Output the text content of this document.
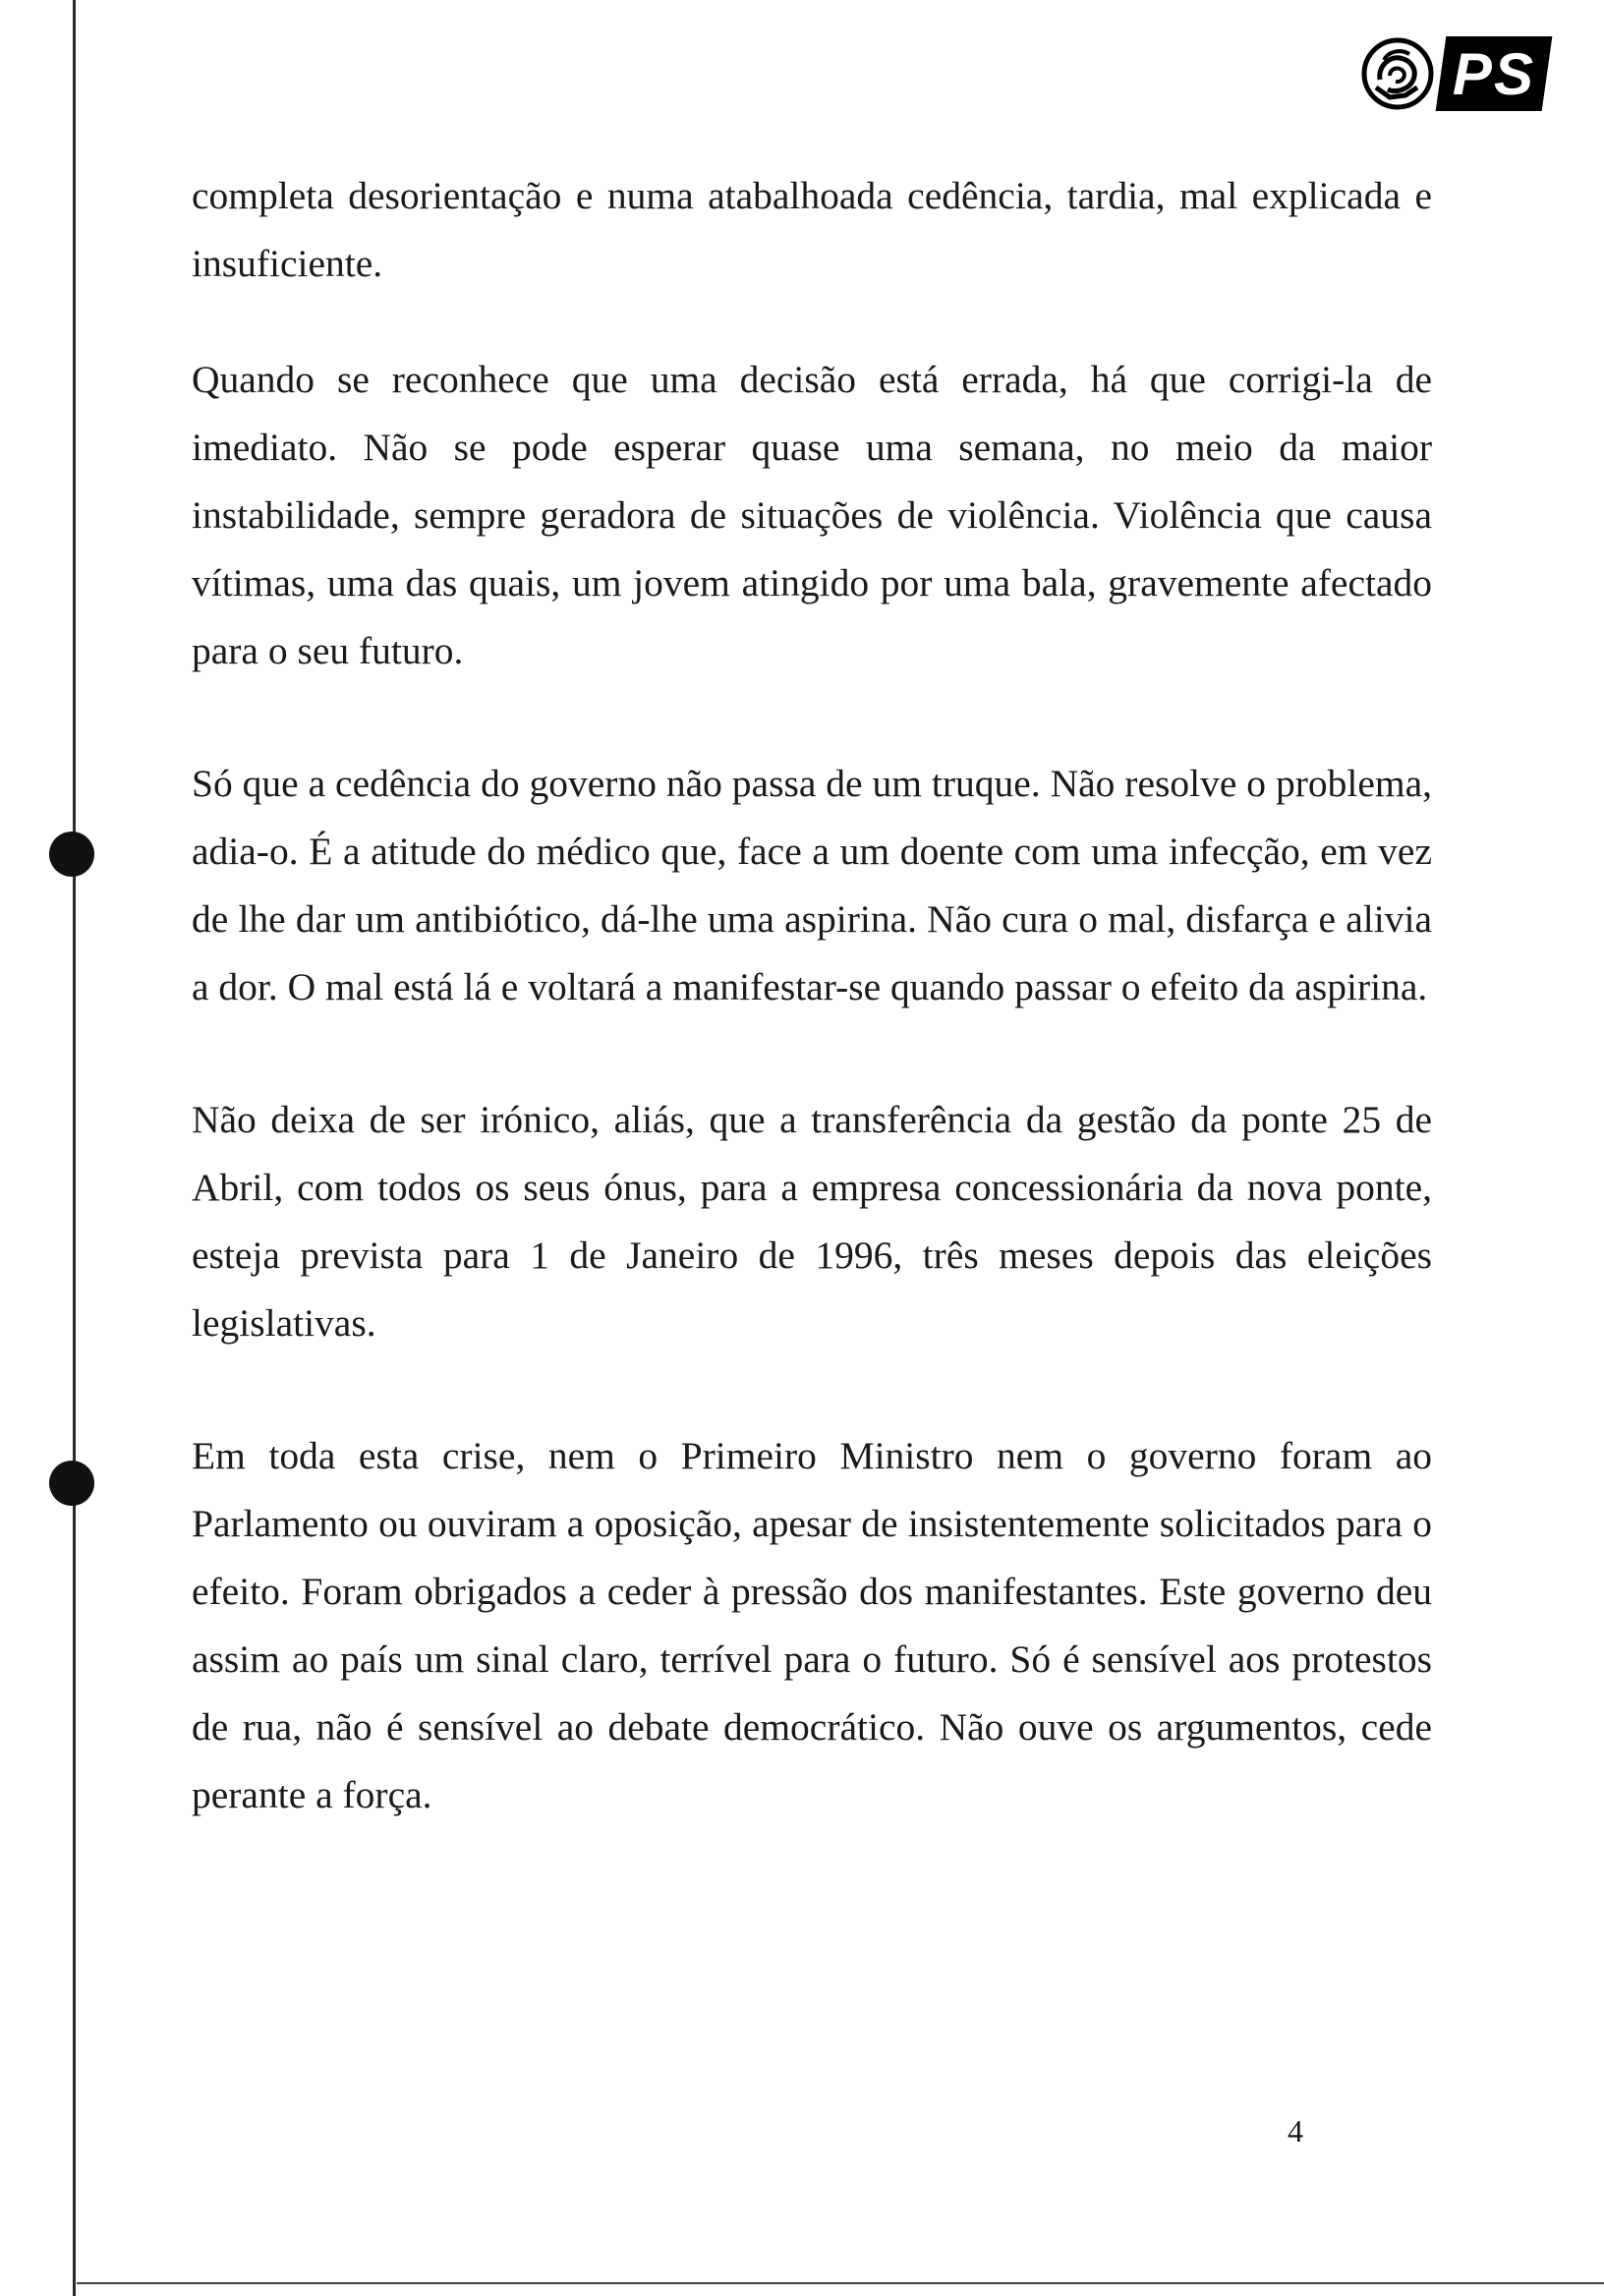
PS

completa desorientação e numa atabalhoada cedência, tardia, mal explicada e insuficiente.

Quando se reconhece que uma decisão está errada, há que corrigi-la de imediato. Não se pode esperar quase uma semana, no meio da maior instabilidade, sempre geradora de situações de violência. Violência que causa vítimas, uma das quais, um jovem atingido por uma bala, gravemente afectado para o seu futuro.

Só que a cedência do governo não passa de um truque. Não resolve o problema, adia-o. É a atitude do médico que, face a um doente com uma infecção, em vez de lhe dar um antibiótico, dá-lhe uma aspirina. Não cura o mal, disfarça e alivia a dor. O mal está lá e voltará a manifestar-se quando passar o efeito da aspirina.

Não deixa de ser irónico, aliás, que a transferência da gestão da ponte 25 de Abril, com todos os seus ónus, para a empresa concessionária da nova ponte, esteja prevista para 1 de Janeiro de 1996, três meses depois das eleições legislativas.

Em toda esta crise, nem o Primeiro Ministro nem o governo foram ao Parlamento ou ouviram a oposição, apesar de insistentemente solicitados para o efeito. Foram obrigados a ceder à pressão dos manifestantes. Este governo deu assim ao país um sinal claro, terrível para o futuro. Só é sensível aos protestos de rua, não é sensível ao debate democrático. Não ouve os argumentos, cede perante a força.

4
